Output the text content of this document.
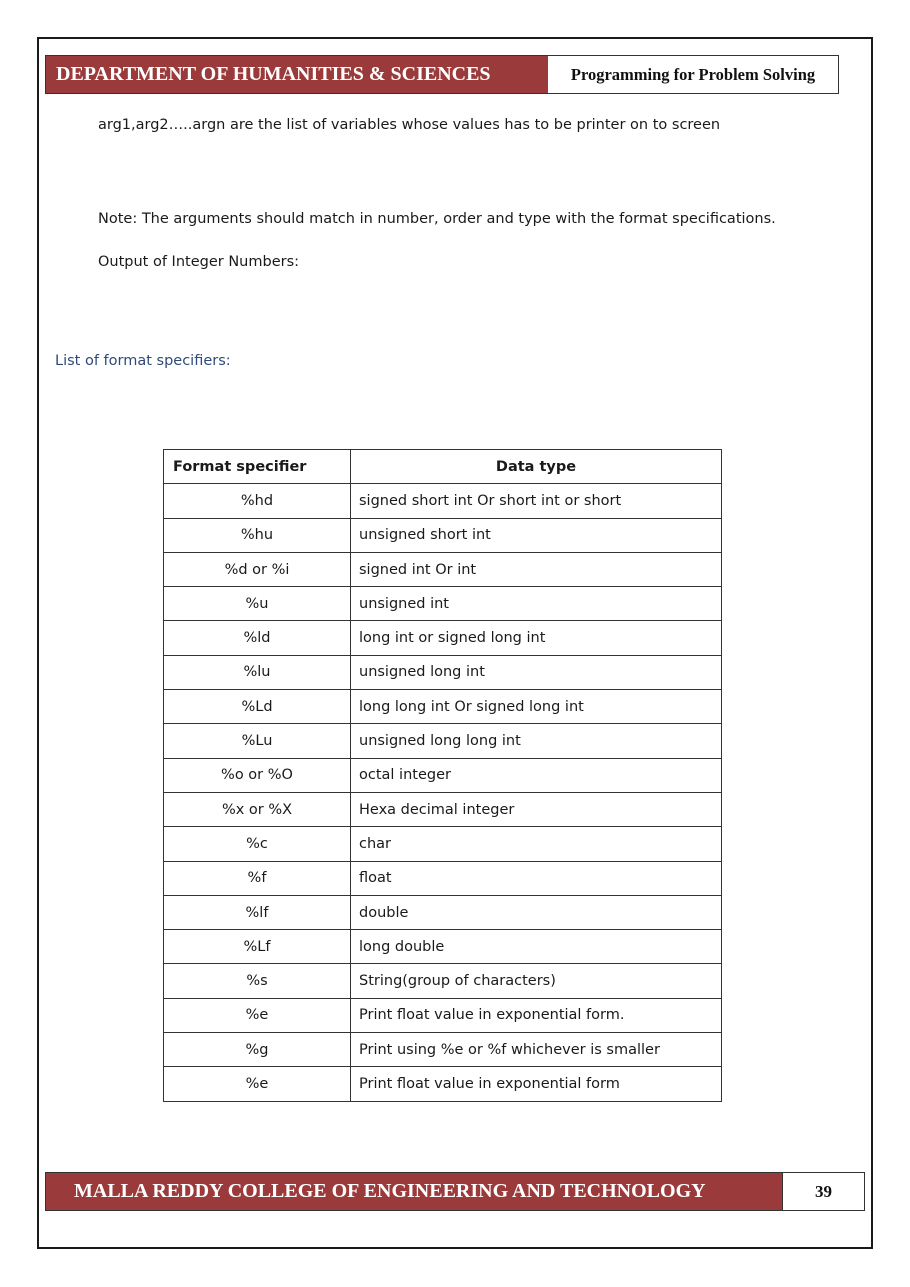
DEPARTMENT OF HUMANITIES & SCIENCES	Programming for Problem Solving
arg1,arg2…..argn are the list of variables whose values has to be printer on to screen
Note: The arguments should match in number, order and type with the format specifications.
Output of Integer Numbers:
List of format specifiers:
Format specifier	Data type
%hd	signed short int Or short int or short
%hu	unsigned short int
%d or %i	signed int Or int
%u	unsigned int
%ld	long int or signed long int
%lu	unsigned long int
%Ld	long long int Or signed long int
%Lu	unsigned long long int
%o or %O	octal integer
%x or %X	Hexa decimal integer
%c	char
%f	float
%lf	double
%Lf	long double
%s	String(group of characters)
%e	Print float value in exponential form.
%g	Print using %e or %f whichever is smaller
%e	Print float value in exponential form
MALLA REDDY COLLEGE OF ENGINEERING AND TECHNOLOGY	39
